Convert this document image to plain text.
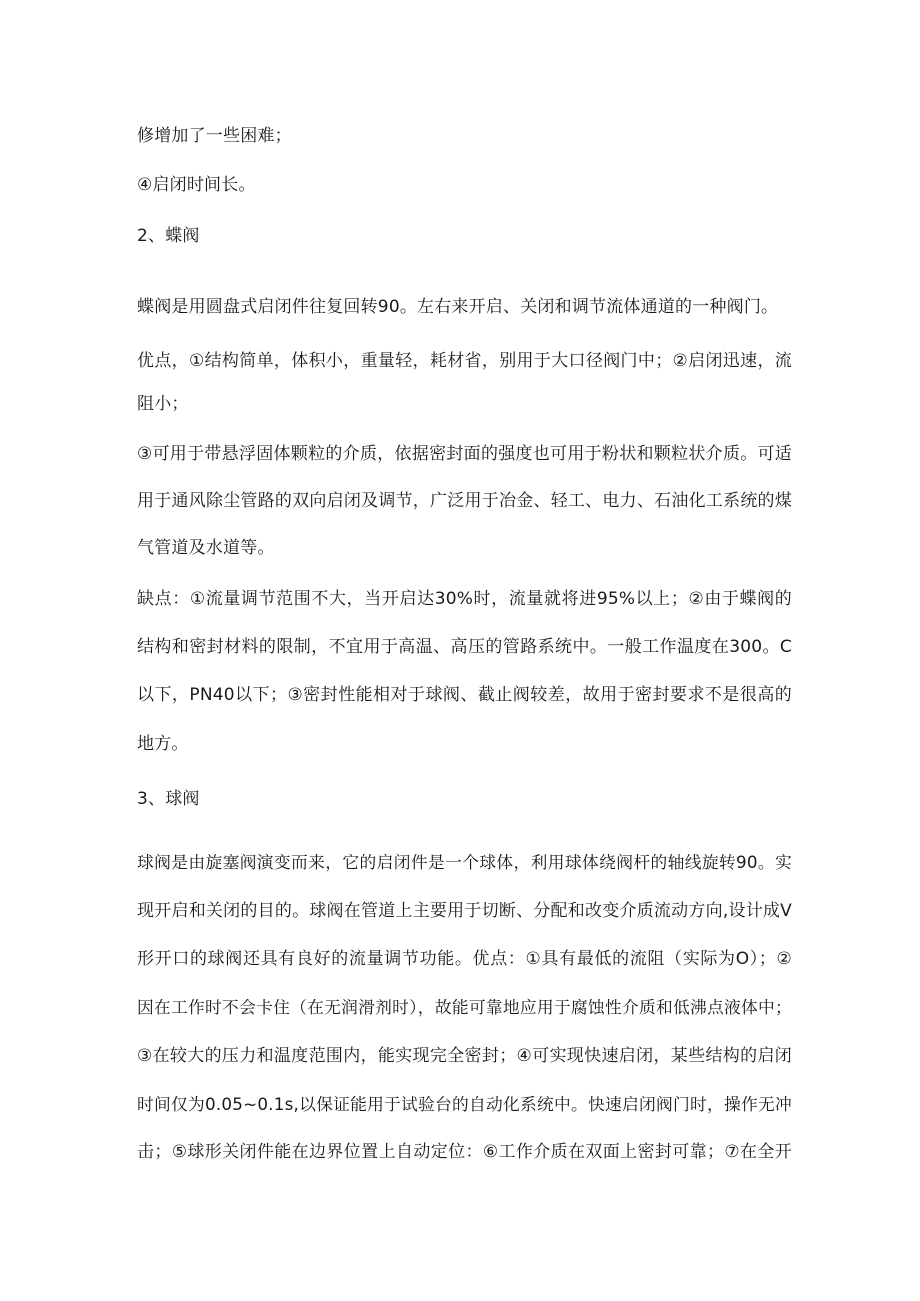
修增加了一些困难；
④启闭时间长。
2、蝶阀
蝶阀是用圆盘式启闭件往复回转90。左右来开启、关闭和调节流体通道的一种阀门。
优点，①结构简单，体积小，重量轻，耗材省，别用于大口径阀门中；②启闭迅速，流
阻小；
③可用于带悬浮固体颗粒的介质，依据密封面的强度也可用于粉状和颗粒状介质。可适
用于通风除尘管路的双向启闭及调节，广泛用于冶金、轻工、电力、石油化工系统的煤
气管道及水道等。
缺点：①流量调节范围不大，当开启达30%时，流量就将进95%以上；②由于蝶阀的
结构和密封材料的限制，不宜用于高温、高压的管路系统中。一般工作温度在300。C
以下，PN40以下；③密封性能相对于球阀、截止阀较差，故用于密封要求不是很高的
地方。
3、球阀
球阀是由旋塞阀演变而来，它的启闭件是一个球体，利用球体绕阀杆的轴线旋转90。实
现开启和关闭的目的。球阀在管道上主要用于切断、分配和改变介质流动方向,设计成V
形开口的球阀还具有良好的流量调节功能。优点：①具有最低的流阻（实际为O）；②
因在工作时不会卡住（在无润滑剂时），故能可靠地应用于腐蚀性介质和低沸点液体中；
③在较大的压力和温度范围内，能实现完全密封；④可实现快速启闭，某些结构的启闭
时间仅为0.05~0.1s,以保证能用于试验台的自动化系统中。快速启闭阀门时，操作无冲
击；⑤球形关闭件能在边界位置上自动定位：⑥工作介质在双面上密封可靠；⑦在全开
